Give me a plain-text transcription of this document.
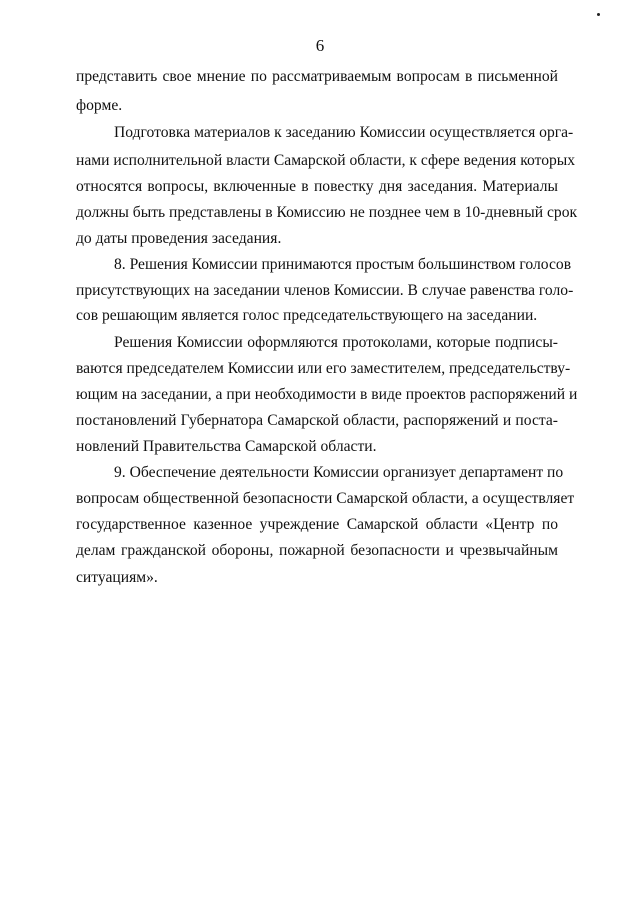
6
представить свое мнение по рассматриваемым вопросам в письменной
форме.
Подготовка материалов к заседанию Комиссии осуществляется орга-
нами исполнительной власти Самарской области, к сфере ведения которых
относятся вопросы, включенные в повестку дня заседания. Материалы
должны быть представлены в Комиссию не позднее чем в 10-дневный срок
до даты проведения заседания.
8. Решения Комиссии принимаются простым большинством голосов
присутствующих на заседании членов Комиссии. В случае равенства голо-
сов решающим является голос председательствующего на заседании.
Решения Комиссии оформляются протоколами, которые подписы-
ваются председателем Комиссии или его заместителем, председательству-
ющим на заседании, а при необходимости в виде проектов распоряжений и
постановлений Губернатора Самарской области, распоряжений и поста-
новлений Правительства Самарской области.
9. Обеспечение деятельности Комиссии организует департамент по
вопросам общественной безопасности Самарской области, а осуществляет
государственное казенное учреждение Самарской области «Центр по
делам гражданской обороны, пожарной безопасности и чрезвычайным
ситуациям».
